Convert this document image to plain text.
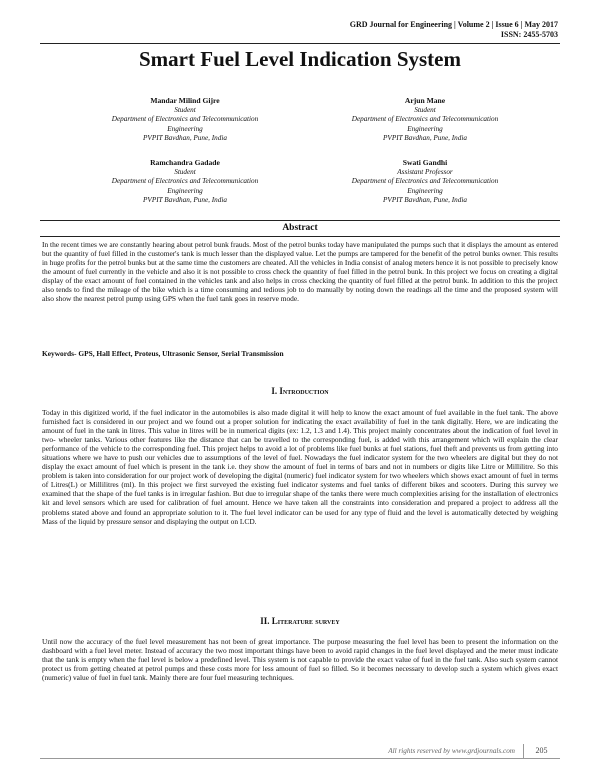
GRD Journal for Engineering | Volume 2 | Issue 6 | May 2017
ISSN: 2455-5703
Smart Fuel Level Indication System
Mandar Milind Gijre
Student
Department of Electronics and Telecommunication
Engineering
PVPIT Bavdhan, Pune, India
Arjun Mane
Student
Department of Electronics and Telecommunication
Engineering
PVPIT Bavdhan, Pune, India
Ramchandra Gadade
Student
Department of Electronics and Telecommunication
Engineering
PVPIT Bavdhan, Pune, India
Swati Gandhi
Assistant Professor
Department of Electronics and Telecommunication
Engineering
PVPIT Bavdhan, Pune, India
Abstract
In the recent times we are constantly hearing about petrol bunk frauds. Most of the petrol bunks today have manipulated the pumps such that it displays the amount as entered but the quantity of fuel filled in the customer's tank is much lesser than the displayed value. Let the pumps are tampered for the benefit of the petrol bunks owner. This results in huge profits for the petrol bunks but at the same time the customers are cheated. All the vehicles in India consist of analog meters hence it is not possible to precisely know the amount of fuel currently in the vehicle and also it is not possible to cross check the quantity of fuel filled in the petrol bunk. In this project we focus on creating a digital display of the exact amount of fuel contained in the vehicles tank and also helps in cross checking the quantity of fuel filled at the petrol bunk. In addition to this the project also tends to find the mileage of the bike which is a time consuming and tedious job to do manually by noting down the readings all the time and the proposed system will also show the nearest petrol pump using GPS when the fuel tank goes in reserve mode.
Keywords- GPS, Hall Effect, Proteus, Ultrasonic Sensor, Serial Transmission
I. Introduction
Today in this digitized world, if the fuel indicator in the automobiles is also made digital it will help to know the exact amount of fuel available in the fuel tank. The above furnished fact is considered in our project and we found out a proper solution for indicating the exact availability of fuel in the tank digitally. Here, we are indicating the amount of fuel in the tank in litres. This value in litres will be in numerical digits (ex: 1.2, 1.3 and 1.4). This project mainly concentrates about the indication of fuel level in two- wheeler tanks. Various other features like the distance that can be travelled to the corresponding fuel, is added with this arrangement which will explain the clear performance of the vehicle to the corresponding fuel. This project helps to avoid a lot of problems like fuel bunks at fuel stations, fuel theft and prevents us from getting into situations where we have to push our vehicles due to assumptions of the level of fuel. Nowadays the fuel indicator system for the two wheelers are digital but they do not display the exact amount of fuel which is present in the tank i.e. they show the amount of fuel in terms of bars and not in numbers or digits like Litre or Millilitre. So this problem is taken into consideration for our project work of developing the digital (numeric) fuel indicator system for two wheelers which shows exact amount of fuel in terms of Litres(L) or Millilitres (ml). In this project we first surveyed the existing fuel indicator systems and fuel tanks of different bikes and scooters. During this survey we examined that the shape of the fuel tanks is in irregular fashion. But due to irregular shape of the tanks there were much complexities arising for the installation of electronics kit and level sensors which are used for calibration of fuel amount. Hence we have taken all the constraints into consideration and prepared a project to address all the problems stated above and found an appropriate solution to it. The fuel level indicator can be used for any type of fluid and the level is automatically detected by weighing Mass of the liquid by pressure sensor and displaying the output on LCD.
II. Literature survey
Until now the accuracy of the fuel level measurement has not been of great importance. The purpose measuring the fuel level has been to present the information on the dashboard with a fuel level meter. Instead of accuracy the two most important things have been to avoid rapid changes in the fuel level displayed and the meter must indicate that the tank is empty when the fuel level is below a predefined level. This system is not capable to provide the exact value of fuel in the fuel tank. Also such system cannot protect us from getting cheated at petrol pumps and these costs more for less amount of fuel so filled. So it becomes necessary to develop such a system which gives exact (numeric) value of fuel in fuel tank. Mainly there are four fuel measuring techniques.
All rights reserved by www.grdjournals.com	205
